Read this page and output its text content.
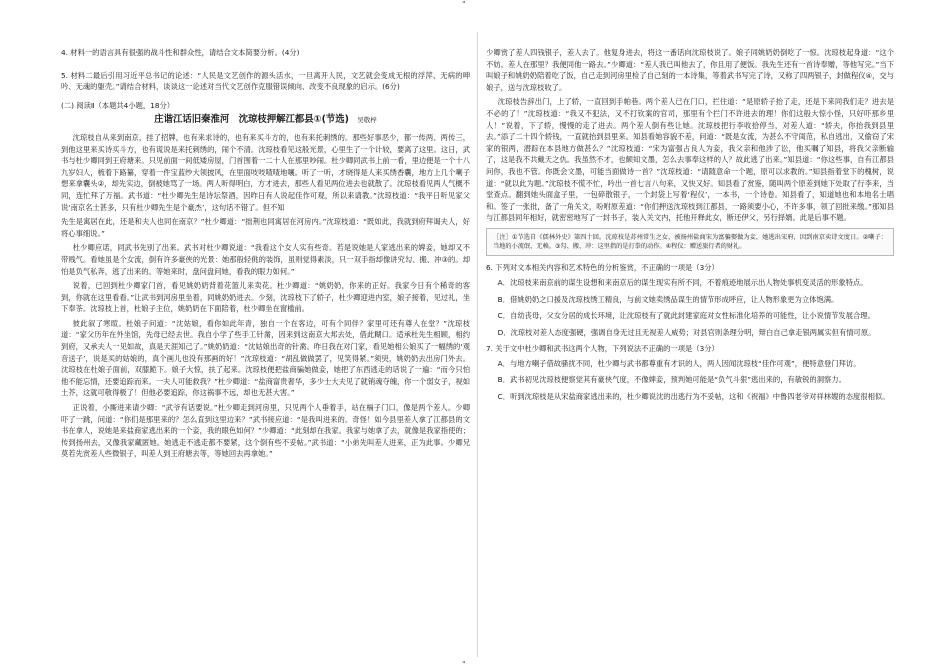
"

4. 材料一的语言具有很强的战斗性和群众性，请结合文本简要分析。(4分)

5. 材料二最后引用习近平总书记的论述：“人民是文艺创作的源头活水，一旦离开人民，文艺就会变成无根的浮萍、无病的呻吟、无魂的躯壳。”请结合材料，谈谈这一论述对当代文艺创作克服错误倾向、改变不良现象的启示。(6分)

(二) 阅读Ⅱ（本题共4小题，18分）

庄谐江话旧秦淮河　沈琼枝押解江都县①(节选) 吴敬梓

沈琼枝自从来到南京，挂了招牌，也有来求诗的，也有来买斗方的，也有来托刺绣的。那些好事恶少，都一传两、两传三，到他这里来买诗买斗方，也有谎说是来托刺绣的，闹个不清。沈琼枝看见这般光景，心里生了一个计较，要离了这里。这日，武书与杜少卿同到王府塘来。只见前面一间低矮房屋，门首围着一二十人在那里吵闹。杜少卿同武书上前一看，里边便是一个十八九岁妇人，梳着下路纂，穿着一件宝蓝纱大领披风，在里面吱吱喳喳地嚷。听了一听，才晓得是人来买绣香囊，地方上几个喇子想来拿囊头②，却先实边，倒被她骂了一场。两人听得明白，方才进去，那些人看见两位进去也就散了。沈琼枝看见两人气概不同，连忙拜了万福。武书道：“杜少卿先生是诗坛祭酒，因昨日有人说起佳作可观，所以来请教。”沈琼枝道：“我平日听见家父说‘南京名士甚多，只有杜少卿先生是个豪杰’，这句话不错了。但不知

先生是寓居在此，还是和夫人也同在南京？”杜少卿道：“拙荆也同寓居在河房内。”沈琼枝道：“既如此，我就到府拜谒夫人，好将心事细说。”

杜少卿应诺，同武书先别了出来。武书对杜少卿说道：“我看这个女人实有些奇。若是说她是人家逃出来的婢妾，她却又不带贱气。看她虽是个女流，倒有许多豪侠的光景：她那般轻佻的装饰，虽则觉得素淡，只一双手指却像讲究勾、搬、冲③的。却怕是负气私奔，逃了出来的。等她来时，盘问盘问她，看我的眼力如何。”

说着，已回到杜少卿家门首，看见姚奶奶背着花篮儿来卖花。杜少卿道：“姚奶奶，你来的正好。我家今日有个稀奇的客到，你就在这里看看。”让武书到河房里坐着，同姚奶奶进去。少刻，沈琼枝下了轿子，杜少卿迎进内室，娘子接着，见过礼，坐下奉茶。沈琼枝上首，杜娘子主位，姚奶奶在下面陪着，杜少卿坐在窗槛前。

彼此叙了寒暄。杜娘子问道：“沈姑娘，看你如此年青，独自一个在客边，可有个同伴？家里可还有尊人在堂？”沈琼枝道：“家父历年在外坐馆，先母已经去世。我自小学了些手工针黹，因来到这南京大邦去处，借此糊口。适承杜先生相顾，相约到府，又承夫人一见如故，真是天涯知己了。”姚奶奶道：“沈姑娘出奇的针黹。昨日我在对门家，看见她相公娘买了一幅绣的‘观音送子’，说是买的姑娘的，真个画儿也没有那画的好！”沈琼枝道：“胡乱做做罢了，见笑得紧。”须臾，姚奶奶去出房门外去。沈琼枝在杜娘子面前，双膝跪下。娘子大惊，扶了起来。沈琼枝便把盐商骗她做妾，她把了东西逃走的话说了一遍：“而今只怕他不能忘情，还要追踪而来。一夫人可能救我？”杜少卿道：“盐商富贵奢华，多少士大夫见了就销魂夺魄，你一个弱女子，视如土芥，这就可敬得极了！但他必要追踪，你这祸事不远，却也无甚大害。”

正说着，小厮进来请少卿：“武爷有话要说。”杜少卿走到河房里，只见两个人垂着手，站在槅子门口，像是两个差人。少卿吓了一跳，问道：“你们是那里来的？怎么直到这里边来？”武书接应道：“是我叫进来的。奇怪！如今县里差人拿了江都县的文书在拿人，说她是来盐商家逃出来的一个妾，我的眼色如何？”少卿道：“此刻却在我家。我家与她拿了去，就像是我家指使的；传到扬州去，又像我家藏匿她。她逃走不逃走都不要紧，这个倒有些不妥帖。”武书道：“小弟先叫差人进来，正为此事。少卿兄莫若先赏差人些微银子，叫差人到王府塘去等，等她回去再拿她。”

少卿赏了差人四钱银子，差人去了。他复身进去，将这一番话向沈琼枝说了。娘子同姚奶奶倒吃了一惊。沈琼枝起身道：“这个不妨。差人在那里？我便同他一路去。”少卿道：“差人我已叫他去了，你且用了便饭。我先生还有一首诗奉赠，等他写完。”当下叫娘子和姚奶奶陪着吃了饭，自己走到河房里检了自己刻的一本诗集，等着武书写完了诗，又称了四两银子，封做程仪④，交与娘子，送与沈琼枝收了。

沈琼枝告辞出门，上了轿，一直回到手帕巷。两个差人已在门口，拦住道：“是原轿子抬了走，还是下来同我们走？进去是不必的了！”沈琼枝道：“我又不犯法，又不打钦案的官司，那里有个拦门不许进去的理！你们这般大惊小怪，只好吓那乡里人！”说着，下了轿，慢慢的走了进去。两个差人倒有些让她。沈琼枝把行李收拾停当，对差人道：“轿夫，你抬我到县里去。”添了二十四个轿钱，一直就抬到县里来。知县看她容貌不差，问道：“既是女流，为甚么不守闺范，私自逃出，又偷窃了宋家的银两，潜踪在本县地方做甚么？”沈琼枝道：“宋为富强占良人为妾，我父亲和他涉了讼，他买嘱了知县，将我父亲断输了，这是我不共戴天之仇。我虽然不才，也颇知文墨，怎么去事奉这样的人？故此逃了出来。”知县道：“你这些事，自有江都县问你，我也不管。你既会文墨，可能当面做诗一首？”沈琼枝道：“请随意命一个题，原可以求教的。”知县指着堂下的槐树，说道：“就以此为题。”沈琼枝不慌不忙，吟出一首七言八句来，又快又好。知县看了赏鉴，随叫两个原差到她下处取了行李来，当堂查点。翻到她头面盒子里，一包碎散银子，一个封袋上写着‘程仪’，一本书，一个诗卷。知县看了，知道她也和本地名士唱和。签了一张批，备了一角关文，吩咐原差道：“你们押送沈琼枝到江都县，一路须要小心，不许多事，领了回批来缴。”那知县与江都县同年相好，就密密地写了一封书子，装入关文内，托他开释此女，断还伊父，另行择婿。此是后事不题。

［注］①节选自《儒林外史》第四十回。沈琼枝是苏州常生之女，被扬州盐商宋为富骗娶做为妾，她逃出宋府，因到南京卖诗文度日。②喇子：当地的小流氓、无赖。③勾、搬、冲：这里指的是打拳的动作。④程仪：赠送旅行者的财礼。

6. 下列对文本相关内容和艺术特色的分析鉴赏，不正确的一项是（3分）

A．沈琼枝来南京前的谋生设想和来南京后的谋生现实有所不同，不着痕迹地展示出人物处事机变灵活的形象特点。

B．借姚奶奶之口援及沈琼枝绣工精良，与前文她卖绣品谋生的情节形成呼应，让人物形象更为立体饱满。

C．自幼丧母，父女分居的成长环境，让沈琼枝有了就此封建家庭对女性标准化培养的可能性，让小说情节发展合理。

D．沈琼枝对差人态度强硬，强调自身无过且无视差人威势；对县官则条理分明，辩白自己拿走银两属实但有情可原。

7. 关于文中杜少卿和武书这两个人物，下列说法不正确的一项是（3分）

A．与地方喇子借故骚扰不同，杜少卿与武书都尊重有才识的人，两人因闻沈琼枝“佳作可观”，便特意登门拜访。

B．武书初见沈琼枝便察觉其有豪侠气度，不像婢妾，预判她可能是“负气斗狠”逃出来的，有敏锐的洞察力。

C．听到沈琼枝是从宋盐商家逃出来的，杜少卿说沈的出逃行为不妥帖，这和《祝福》中鲁四老爷对祥林嫂的态度很相似。

"
